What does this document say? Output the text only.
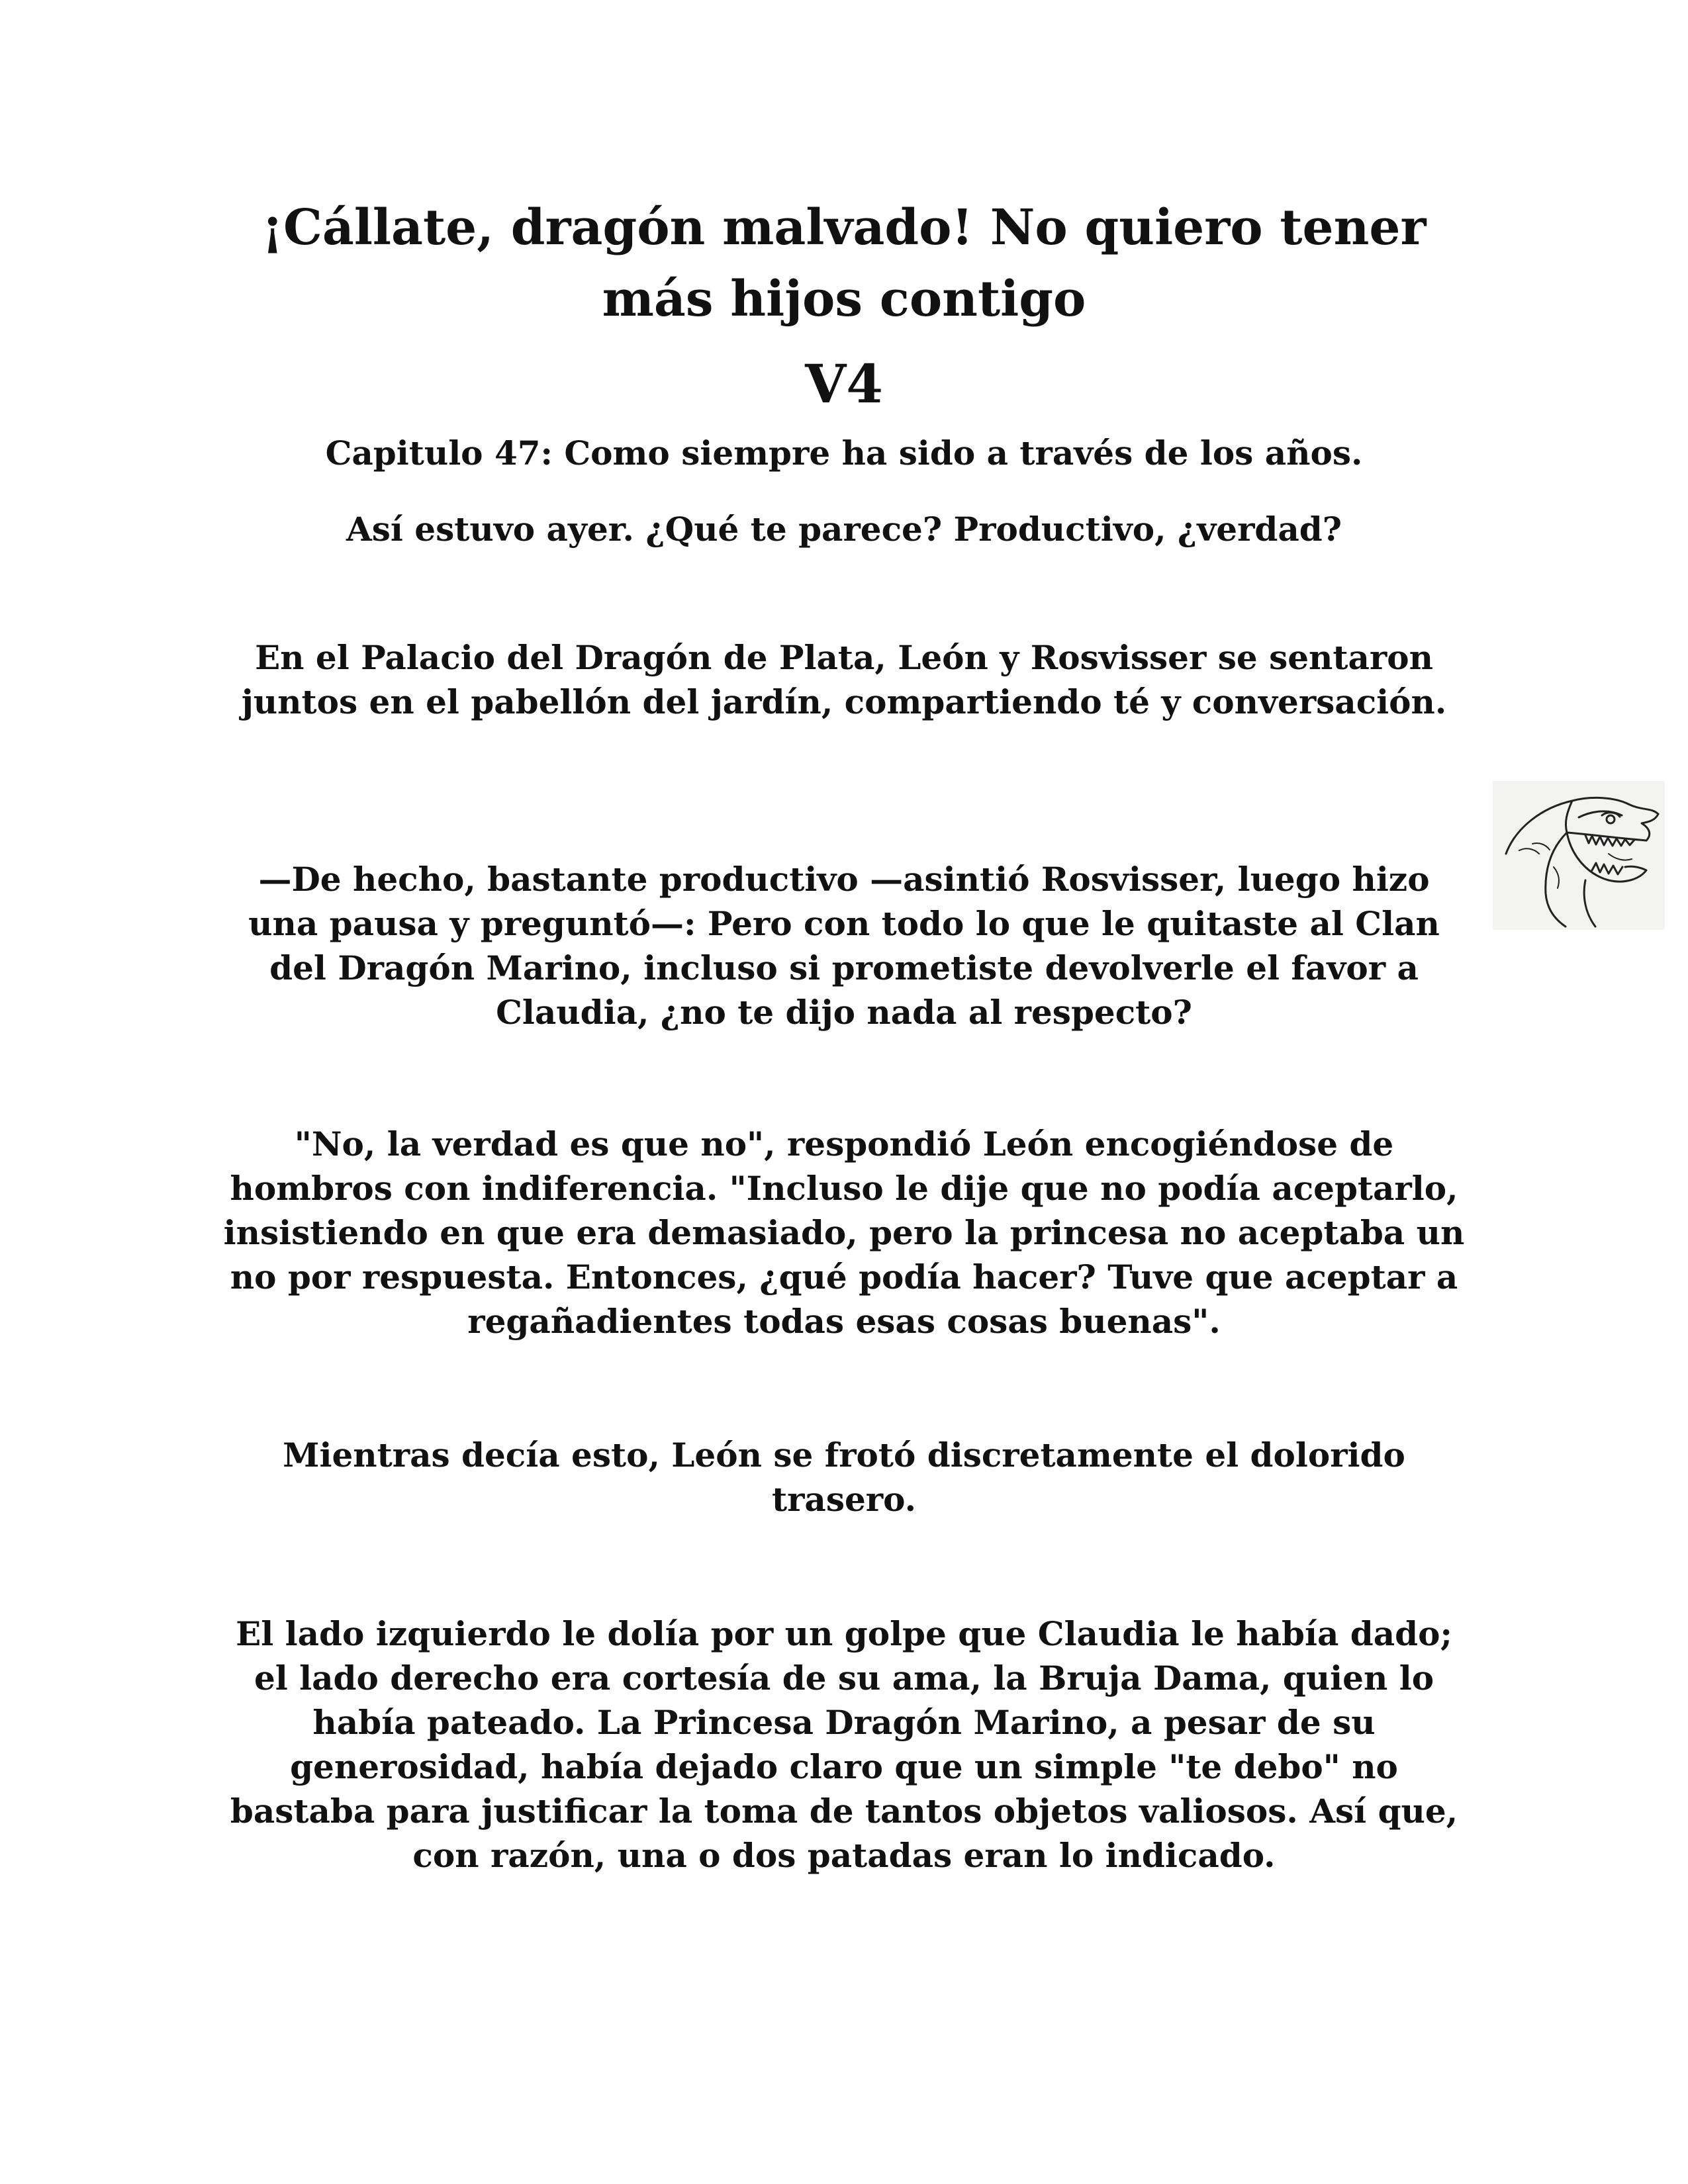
¡Cállate, dragón malvado! No quiero tener
más hijos contigo
V4
Capitulo 47: Como siempre ha sido a través de los años.
Así estuvo ayer. ¿Qué te parece? Productivo, ¿verdad?

En el Palacio del Dragón de Plata, León y Rosvisser se sentaron juntos en el pabellón del jardín, compartiendo té y conversación.

—De hecho, bastante productivo —asintió Rosvisser, luego hizo una pausa y preguntó—: Pero con todo lo que le quitaste al Clan del Dragón Marino, incluso si prometiste devolverle el favor a Claudia, ¿no te dijo nada al respecto?

"No, la verdad es que no", respondió León encogiéndose de hombros con indiferencia. "Incluso le dije que no podía aceptarlo, insistiendo en que era demasiado, pero la princesa no aceptaba un no por respuesta. Entonces, ¿qué podía hacer? Tuve que aceptar a regañadientes todas esas cosas buenas".

Mientras decía esto, León se frotó discretamente el dolorido trasero.

El lado izquierdo le dolía por un golpe que Claudia le había dado; el lado derecho era cortesía de su ama, la Bruja Dama, quien lo había pateado. La Princesa Dragón Marino, a pesar de su generosidad, había dejado claro que un simple "te debo" no bastaba para justificar la toma de tantos objetos valiosos. Así que, con razón, una o dos patadas eran lo indicado.
